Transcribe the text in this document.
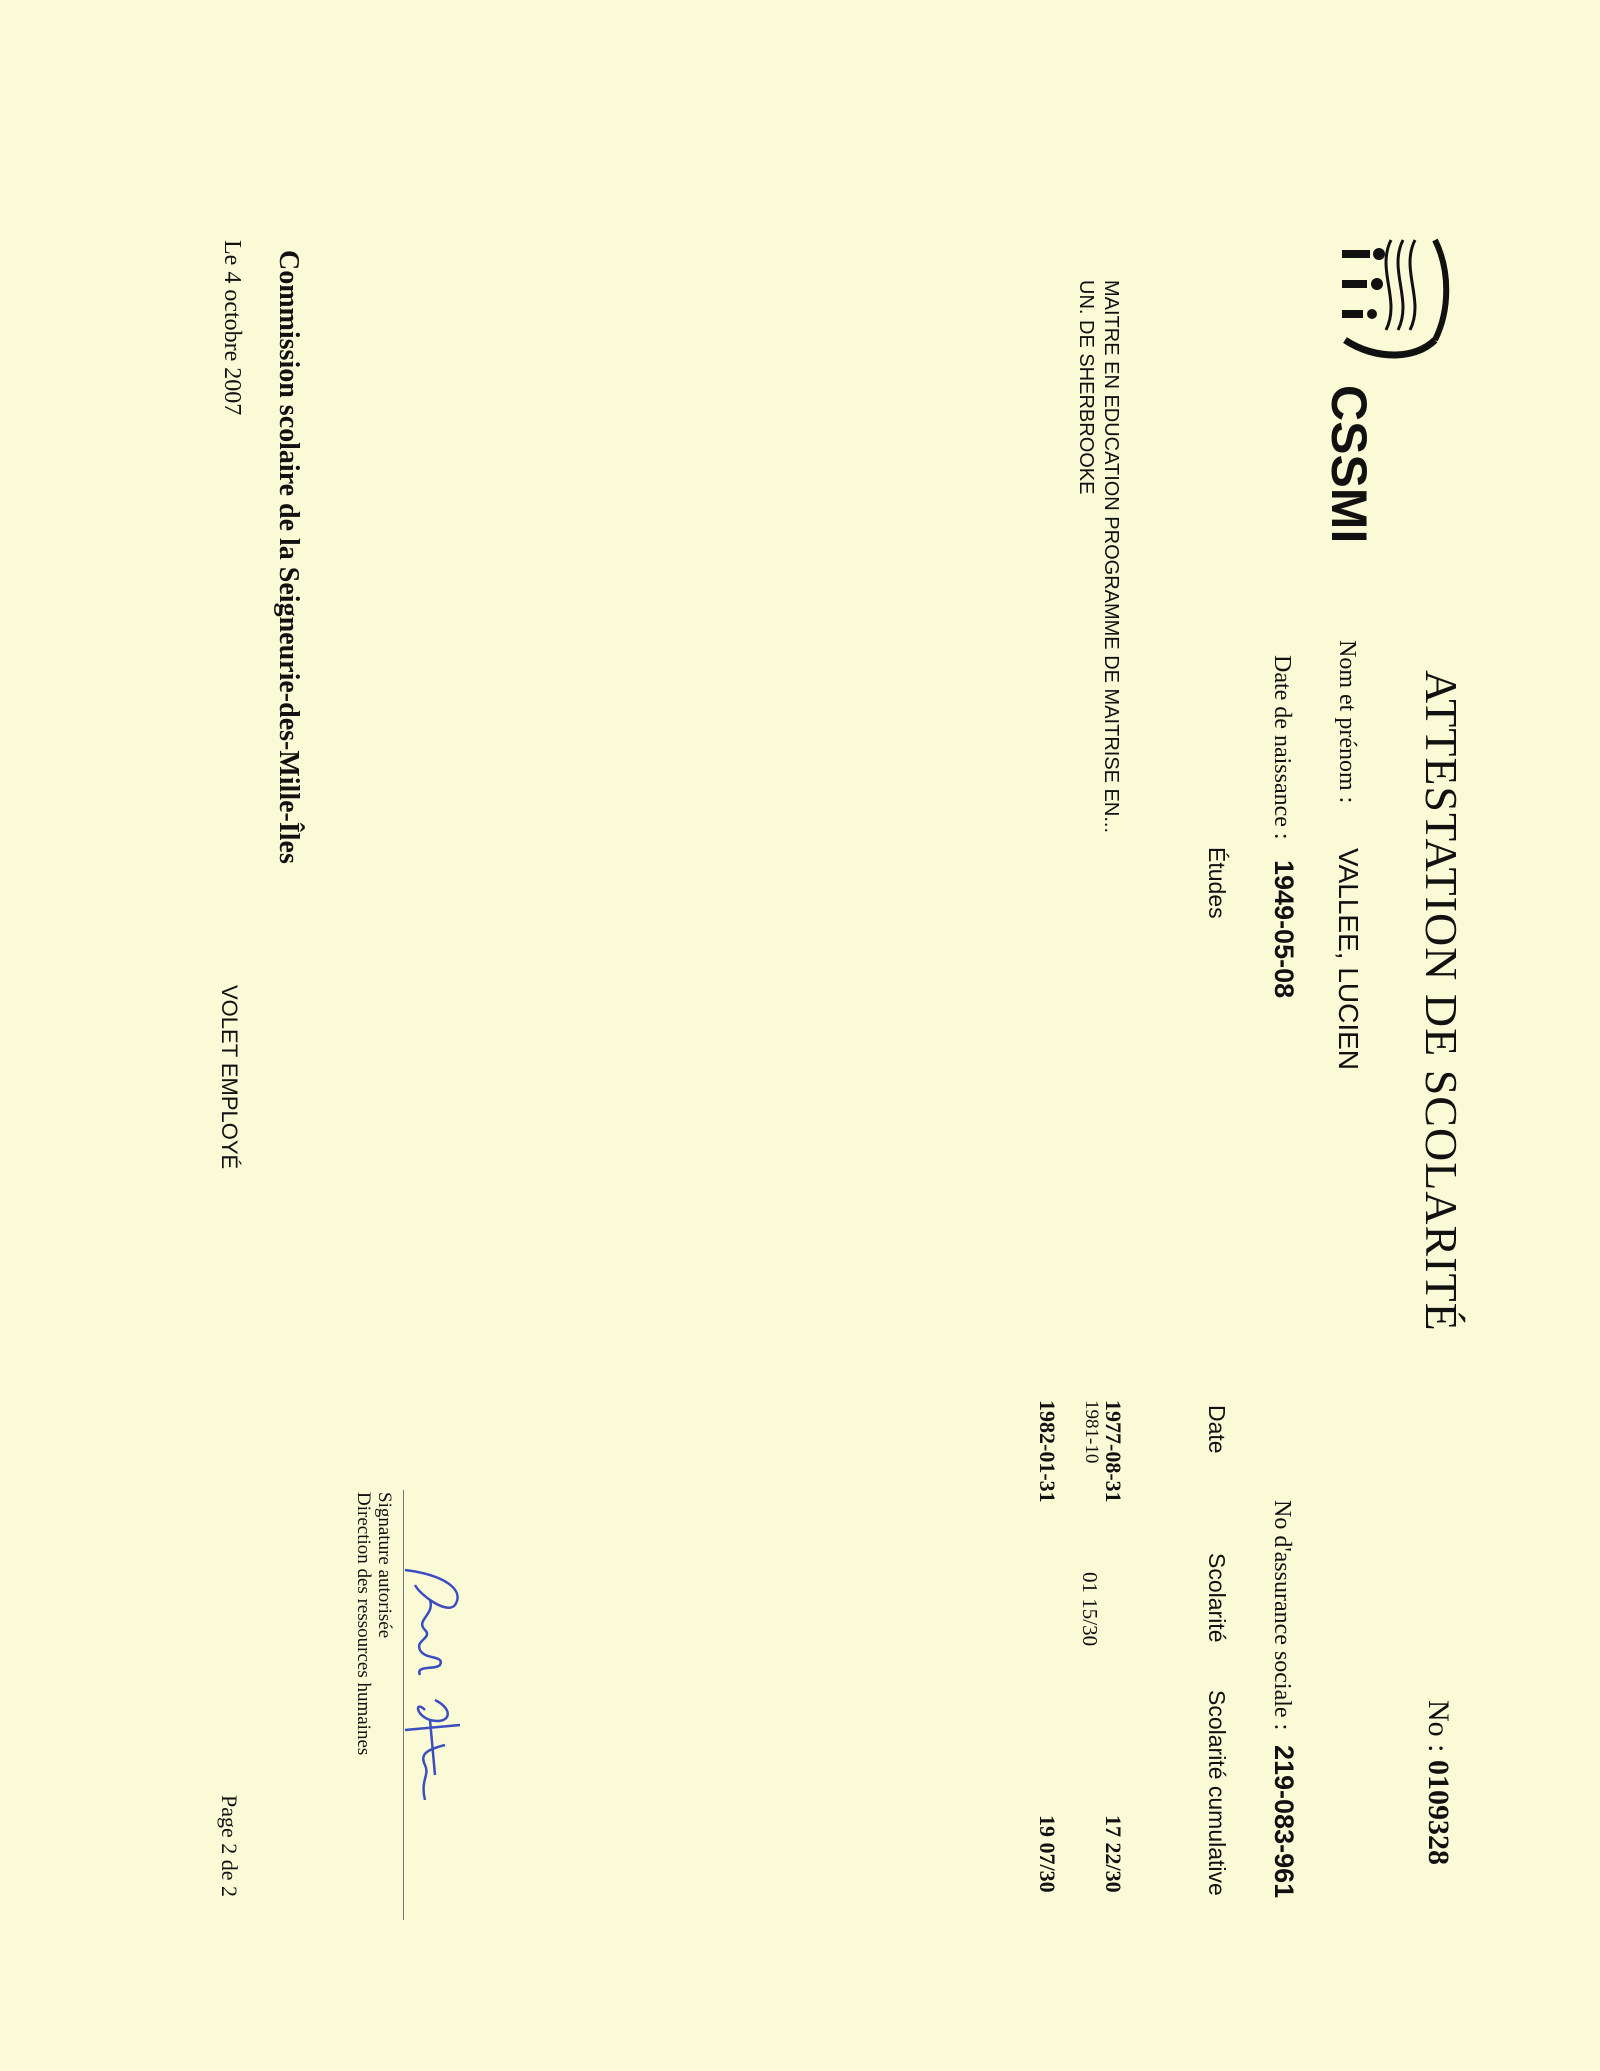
CSSMI
ATTESTATION DE SCOLARITÉ
No : 0109328
Nom et prénom :
VALLEE, LUCIEN
Date de naissance :
1949-05-08
No d'assurance sociale :
219-083-961
Études
Date
Scolarité
Scolarité cumulative
MAITRE EN EDUCATION PROGRAMME DE MAITRISE EN...
UN. DE SHERBROOKE
1977-08-31
1981-10
01 15/30
17 22/30
1982-01-31
19 07/30
Signature autorisée
Direction des ressources humaines
Commission scolaire de la Seigneurie-des-Mille-Îles
Le 4 octobre 2007
VOLET EMPLOYÉ
Page 2 de 2
